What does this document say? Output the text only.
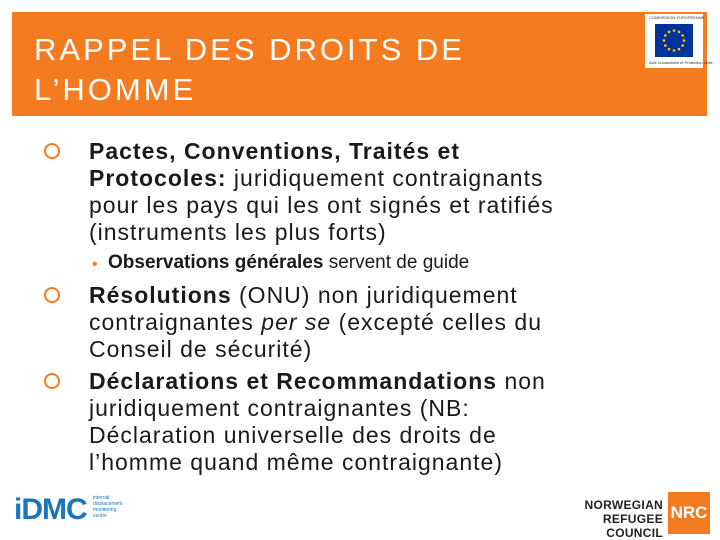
RAPPEL DES DROITS DE
L’HOMME
COMMISSION EUROPÉENNE
Aide humanitaire et Protection civile
Pactes, Conventions, Traités et
Protocoles: juridiquement contraignants
pour les pays qui les ont signés et ratifiés
(instruments les plus forts)
• Observations générales servent de guide
Résolutions (ONU) non juridiquement
contraignantes per se (excepté celles du
Conseil de sécurité)
Déclarations et Recommandations non
juridiquement contraignantes (NB:
Déclaration universelle des droits de
l’homme quand même contraignante)
iDMC internal
displacement
monitoring
centre
NORWEGIAN
REFUGEE COUNCIL
NRC
